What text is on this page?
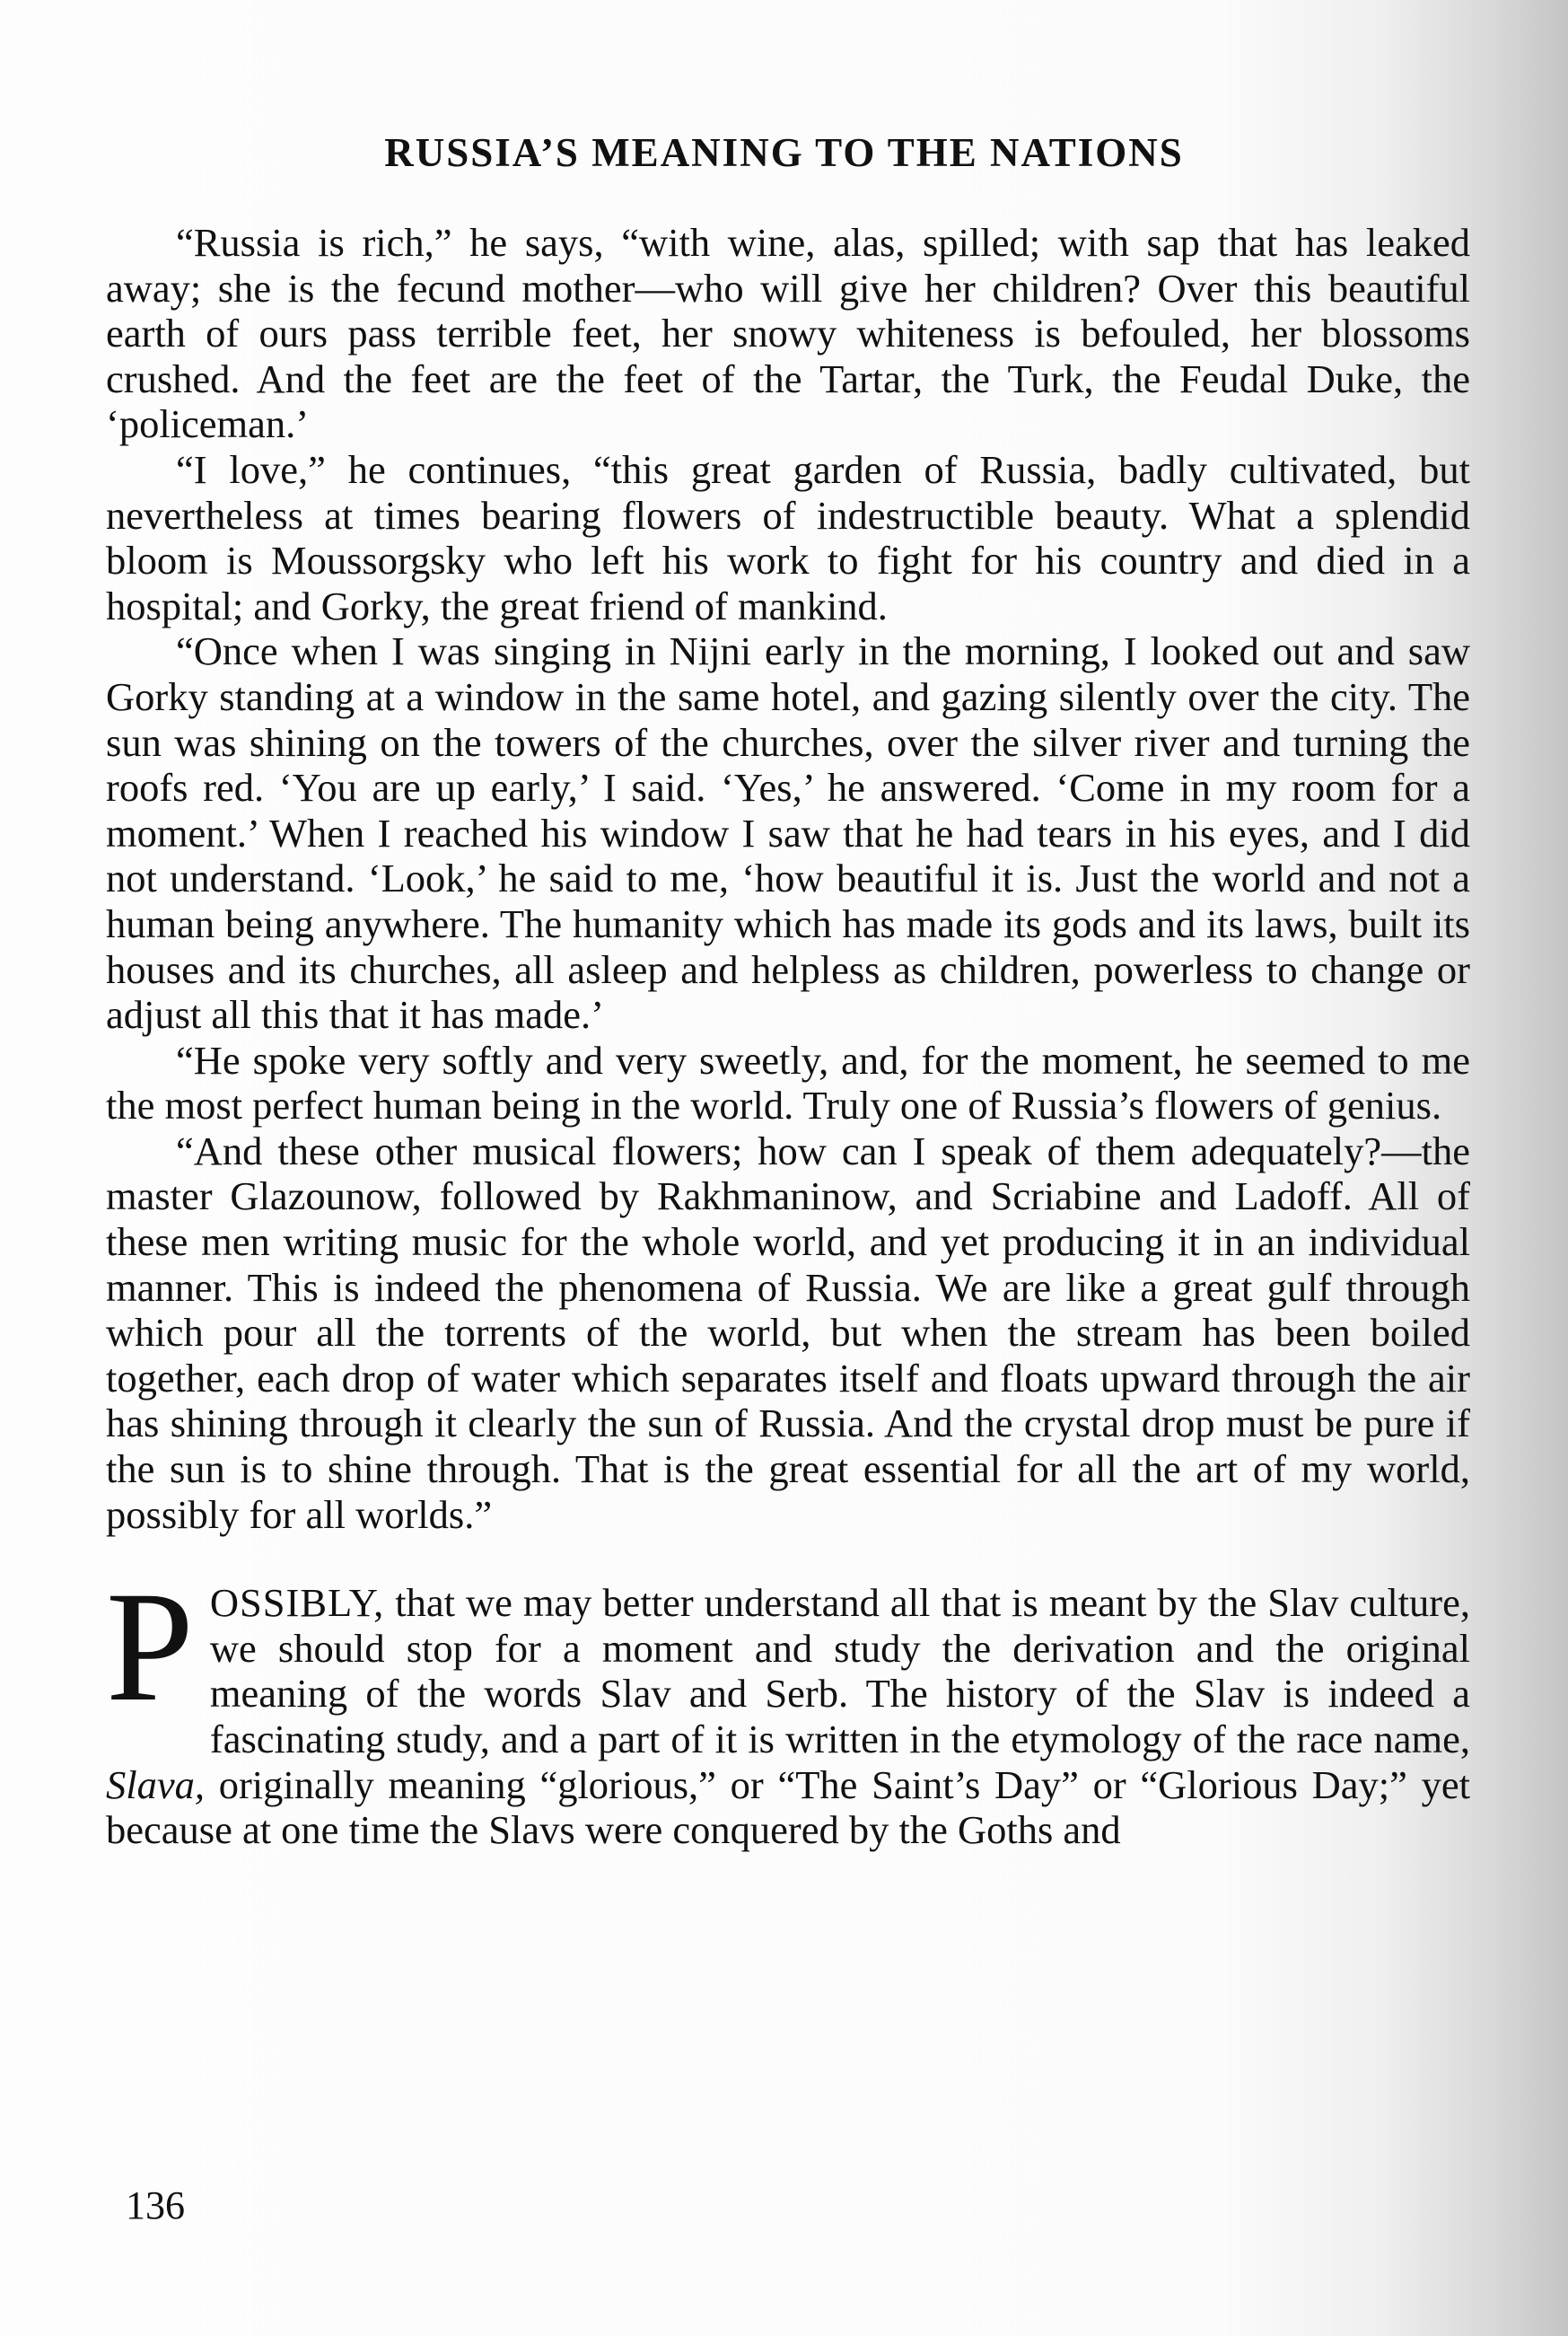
RUSSIA’S MEANING TO THE NATIONS

“Russia is rich,” he says, “with wine, alas, spilled; with sap that has leaked away; she is the fecund mother—who will give her children? Over this beautiful earth of ours pass terrible feet, her snowy whiteness is befouled, her blossoms crushed. And the feet are the feet of the Tartar, the Turk, the Feudal Duke, the ‘policeman.’

“I love,” he continues, “this great garden of Russia, badly cultivated, but nevertheless at times bearing flowers of indestructible beauty. What a splendid bloom is Moussorgsky who left his work to fight for his country and died in a hospital; and Gorky, the great friend of mankind.

“Once when I was singing in Nijni early in the morning, I looked out and saw Gorky standing at a window in the same hotel, and gazing silently over the city. The sun was shining on the towers of the churches, over the silver river and turning the roofs red. ‘You are up early,’ I said. ‘Yes,’ he answered. ‘Come in my room for a moment.’ When I reached his window I saw that he had tears in his eyes, and I did not understand. ‘Look,’ he said to me, ‘how beautiful it is. Just the world and not a human being anywhere. The humanity which has made its gods and its laws, built its houses and its churches, all asleep and helpless as children, powerless to change or adjust all this that it has made.’

“He spoke very softly and very sweetly, and, for the moment, he seemed to me the most perfect human being in the world. Truly one of Russia’s flowers of genius.

“And these other musical flowers; how can I speak of them adequately?—the master Glazounow, followed by Rakhmaninow, and Scriabine and Ladoff. All of these men writing music for the whole world, and yet producing it in an individual manner. This is indeed the phenomena of Russia. We are like a great gulf through which pour all the torrents of the world, but when the stream has been boiled together, each drop of water which separates itself and floats upward through the air has shining through it clearly the sun of Russia. And the crystal drop must be pure if the sun is to shine through. That is the great essential for all the art of my world, possibly for all worlds.”

POSSIBLY, that we may better understand all that is meant by the Slav culture, we should stop for a moment and study the derivation and the original meaning of the words Slav and Serb. The history of the Slav is indeed a fascinating study, and a part of it is written in the etymology of the race name, Slava, originally meaning “glorious,” or “The Saint’s Day” or “Glorious Day;” yet because at one time the Slavs were conquered by the Goths and

136
